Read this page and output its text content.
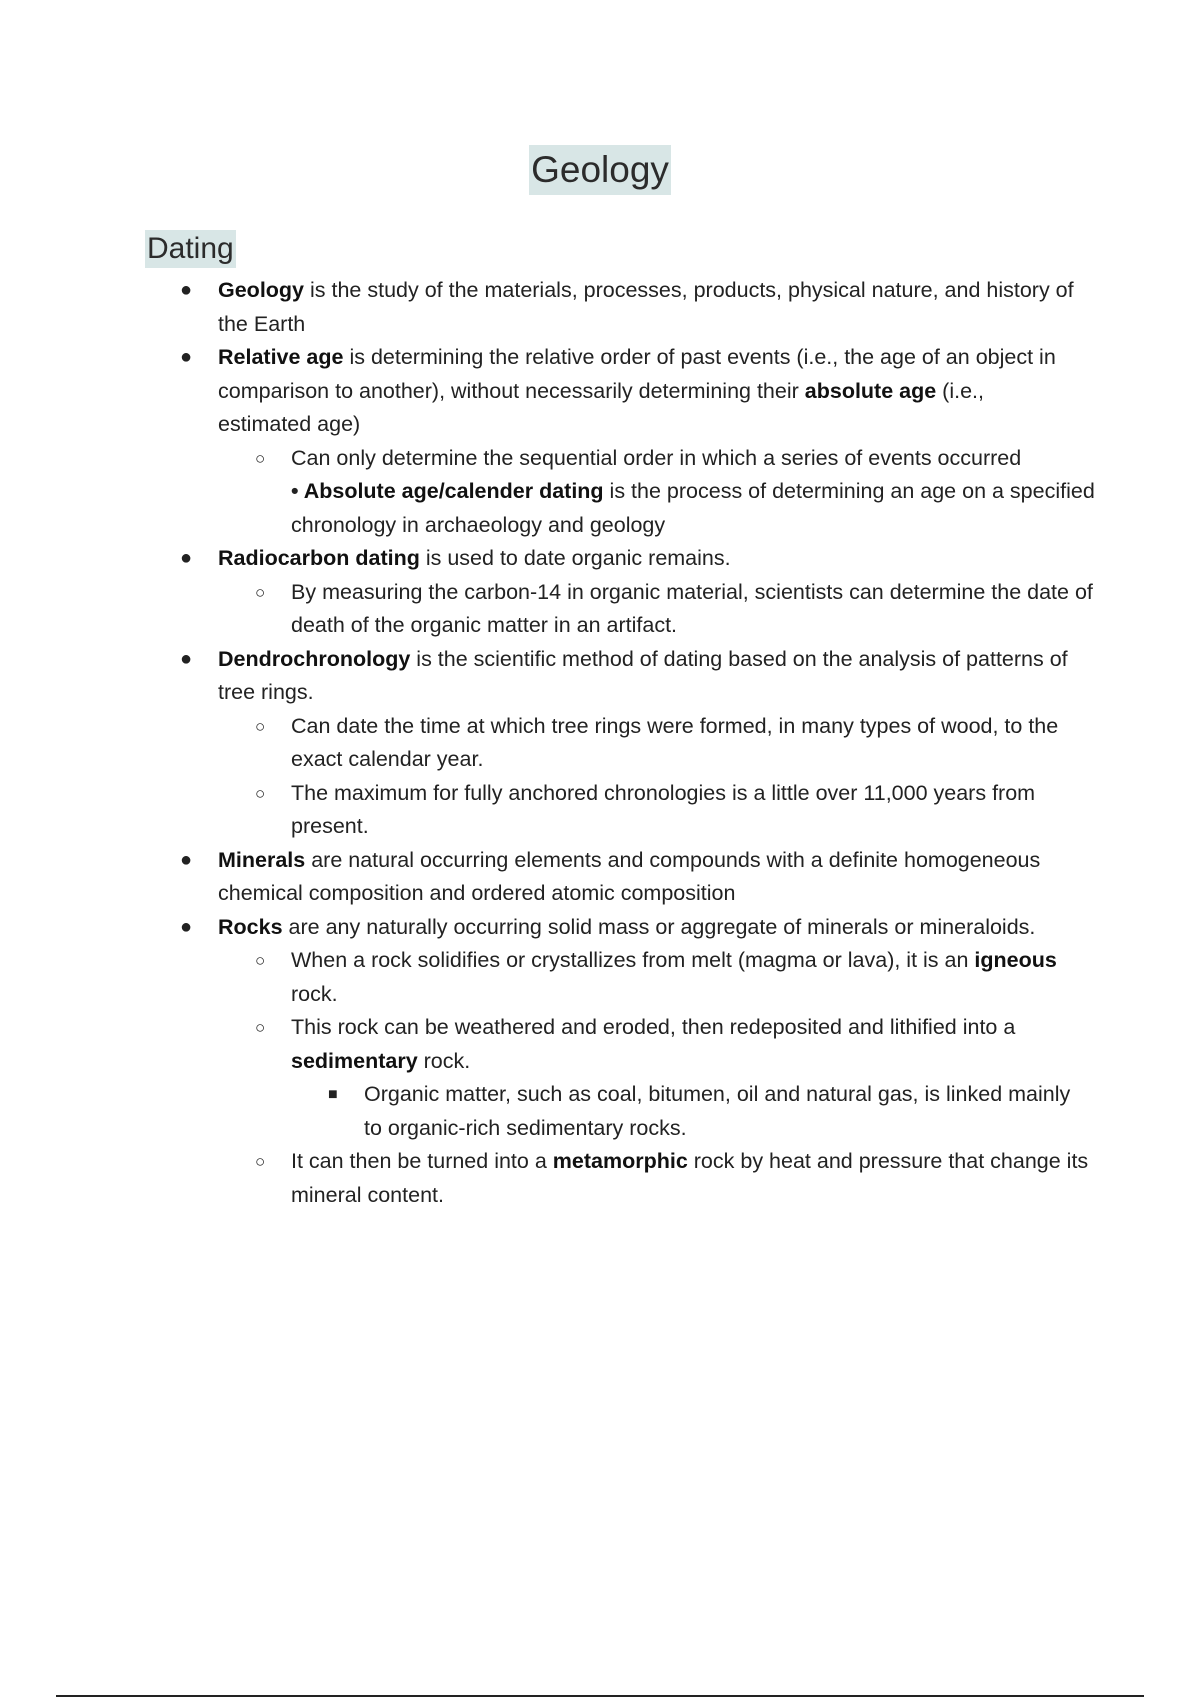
Geology
Dating
● Geology is the study of the materials, processes, products, physical nature, and history of the Earth
● Relative age is determining the relative order of past events (i.e., the age of an object in comparison to another), without necessarily determining their absolute age (i.e., estimated age)
○ Can only determine the sequential order in which a series of events occurred
• Absolute age/calender dating is the process of determining an age on a specified chronology in archaeology and geology
● Radiocarbon dating is used to date organic remains.
○ By measuring the carbon-14 in organic material, scientists can determine the date of death of the organic matter in an artifact.
● Dendrochronology is the scientific method of dating based on the analysis of patterns of tree rings.
○ Can date the time at which tree rings were formed, in many types of wood, to the exact calendar year.
○ The maximum for fully anchored chronologies is a little over 11,000 years from present.
● Minerals are natural occurring elements and compounds with a definite homogeneous chemical composition and ordered atomic composition
● Rocks are any naturally occurring solid mass or aggregate of minerals or mineraloids.
○ When a rock solidifies or crystallizes from melt (magma or lava), it is an igneous rock.
○ This rock can be weathered and eroded, then redeposited and lithified into a sedimentary rock.
■ Organic matter, such as coal, bitumen, oil and natural gas, is linked mainly to organic-rich sedimentary rocks.
○ It can then be turned into a metamorphic rock by heat and pressure that change its mineral content.
